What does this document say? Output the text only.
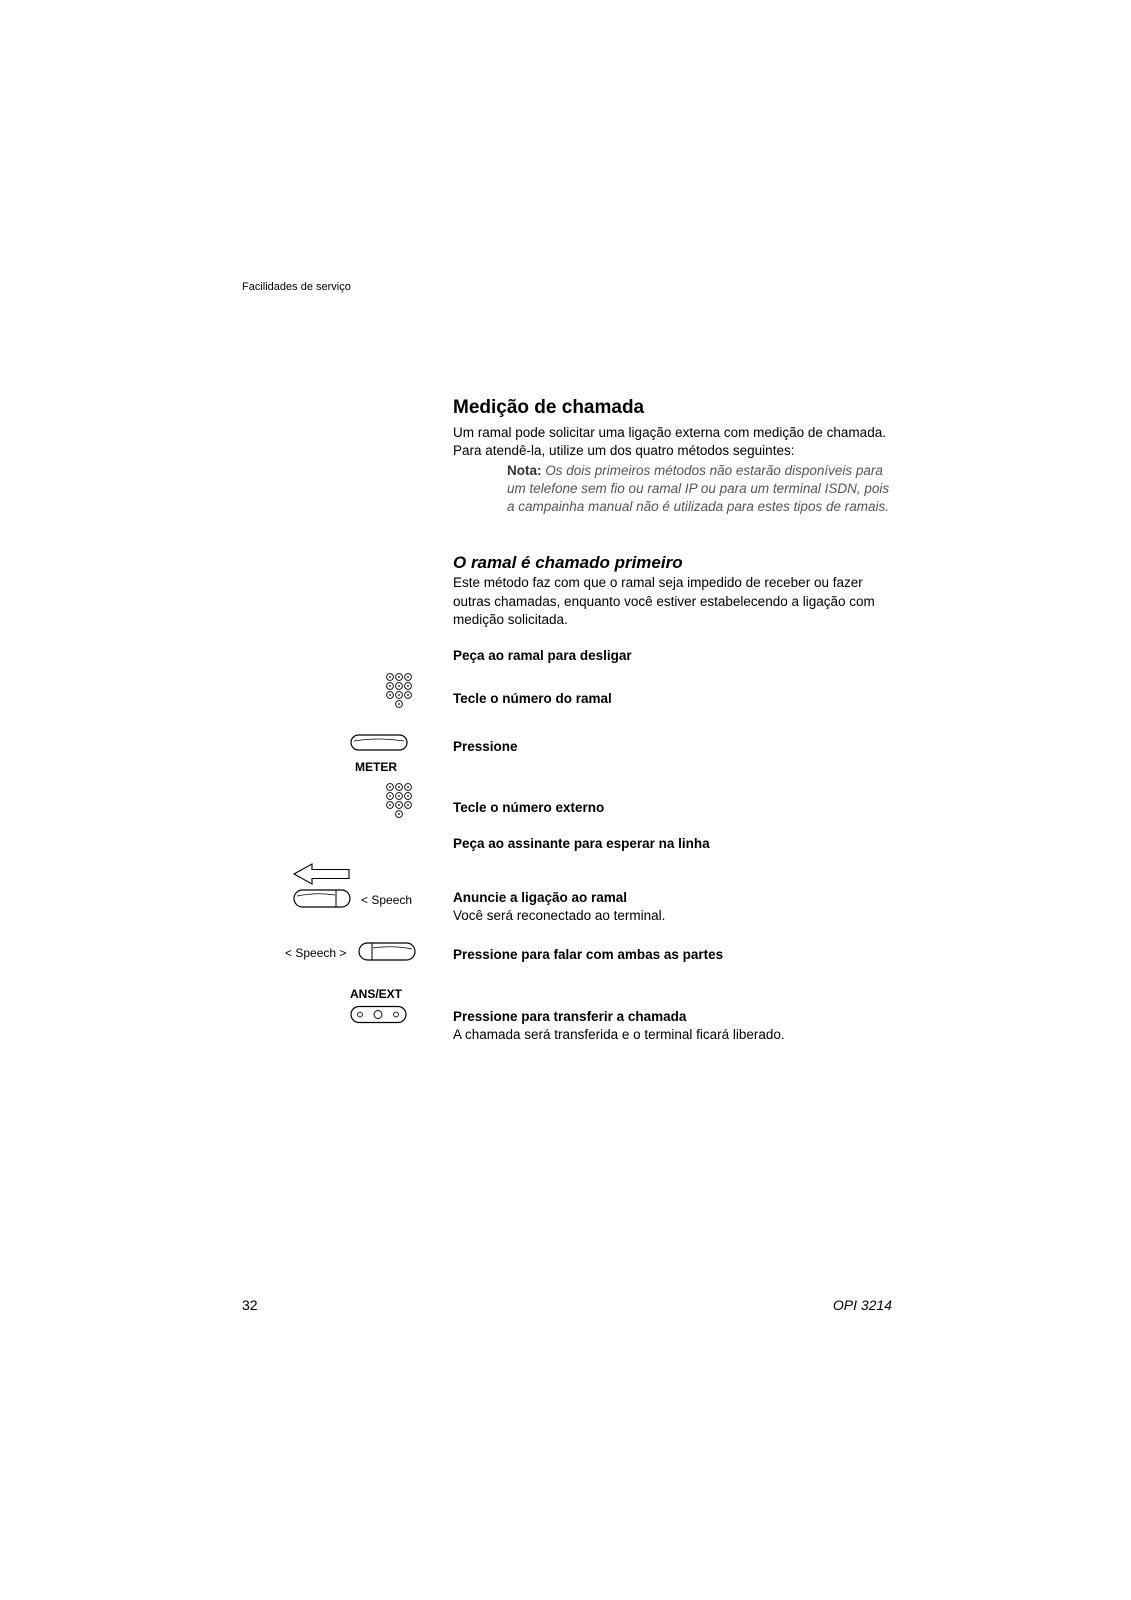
Facilidades de serviço
Medição de chamada
Um ramal pode solicitar uma ligação externa com medição de chamada. Para atendê-la, utilize um dos quatro métodos seguintes:
Nota: Os dois primeiros métodos não estarão disponíveis para um telefone sem fio ou ramal IP ou para um terminal ISDN, pois a campainha manual não é utilizada para estes tipos de ramais.
O ramal é chamado primeiro
Este método faz com que o ramal seja impedido de receber ou fazer outras chamadas, enquanto você estiver estabelecendo a ligação com medição solicitada.
Peça ao ramal para desligar
Tecle o número do ramal
Pressione
Tecle o número externo
Peça ao assinante para esperar na linha
Anuncie a ligação ao ramal
Você será reconectado ao terminal.
Pressione para falar com ambas as partes
Pressione para transferir a chamada
A chamada será transferida e o terminal ficará liberado.
METER
< Speech
< Speech >
ANS/EXT
32	OPI 3214
